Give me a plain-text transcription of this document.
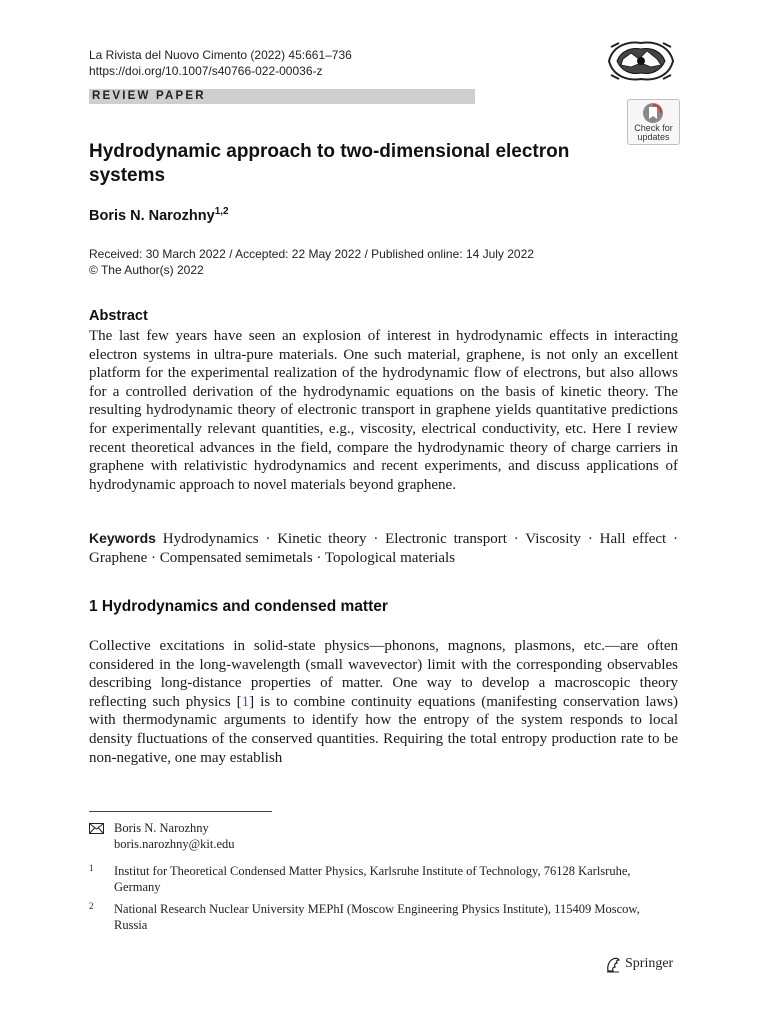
La Rivista del Nuovo Cimento (2022) 45:661–736
https://doi.org/10.1007/s40766-022-00036-z
REVIEW PAPER
Check for
updates
Hydrodynamic approach to two-dimensional electron systems
Boris N. Narozhny$^{1,2}$
Received: 30 March 2022 / Accepted: 22 May 2022 / Published online: 14 July 2022
© The Author(s) 2022
Abstract
The last few years have seen an explosion of interest in hydrodynamic effects in interacting electron systems in ultra-pure materials. One such material, graphene, is not only an excellent platform for the experimental realization of the hydrodynamic flow of electrons, but also allows for a controlled derivation of the hydrodynamic equations on the basis of kinetic theory. The resulting hydrodynamic theory of electronic transport in graphene yields quantitative predictions for experimentally relevant quantities, e.g., viscosity, electrical conductivity, etc. Here I review recent theoretical advances in the field, compare the hydrodynamic theory of charge carriers in graphene with relativistic hydrodynamics and recent experiments, and discuss applications of hydrodynamic approach to novel materials beyond graphene.
Keywords Hydrodynamics · Kinetic theory · Electronic transport · Viscosity · Hall effect · Graphene · Compensated semimetals · Topological materials
1 Hydrodynamics and condensed matter
Collective excitations in solid-state physics—phonons, magnons, plasmons, etc.—are often considered in the long-wavelength (small wavevector) limit with the corresponding observables describing long-distance properties of matter. One way to develop a macroscopic theory reflecting such physics [1] is to combine continuity equations (manifesting conservation laws) with thermodynamic arguments to identify how the entropy of the system responds to local density fluctuations of the conserved quantities. Requiring the total entropy production rate to be non-negative, one may establish
Boris N. Narozhny
boris.narozhny@kit.edu
1 Institut for Theoretical Condensed Matter Physics, Karlsruhe Institute of Technology, 76128 Karlsruhe, Germany
2 National Research Nuclear University MEPhI (Moscow Engineering Physics Institute), 115409 Moscow, Russia
Springer
